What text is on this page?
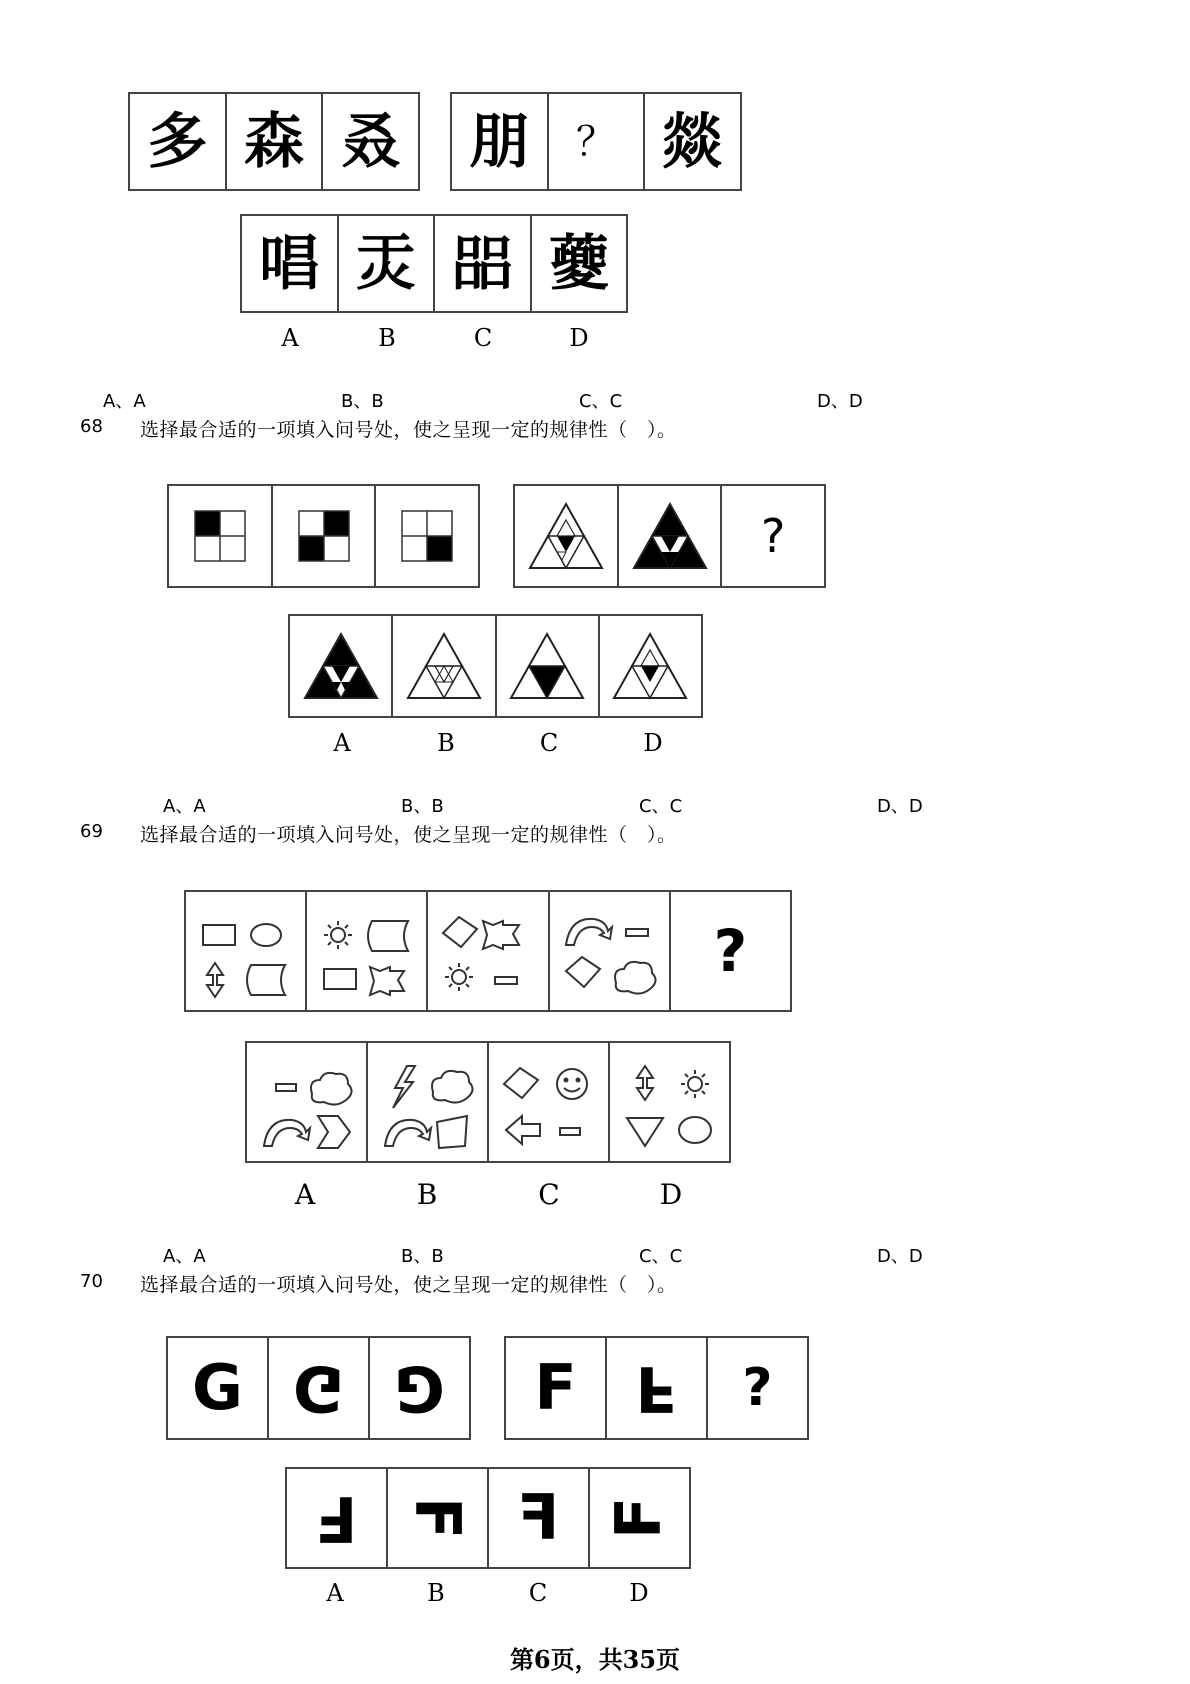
多 森 叒 朋 ？ 燚
唱 㶣 㗊 䕫
A	B	C	D
A、A	B、B	C、C	D、D
68 选择最合适的一项填入问号处，使之呈现一定的规律性（　）。
?
A	B	C	D
A、A	B、B	C、C	D、D
69 选择最合适的一项填入问号处，使之呈现一定的规律性（　）。
?
A	B	C	D
A、A	B、B	C、C	D、D
70 选择最合适的一项填入问号处，使之呈现一定的规律性（　）。
G G G F F ?
F F F F
A	B	C	D
第6页，共35页
